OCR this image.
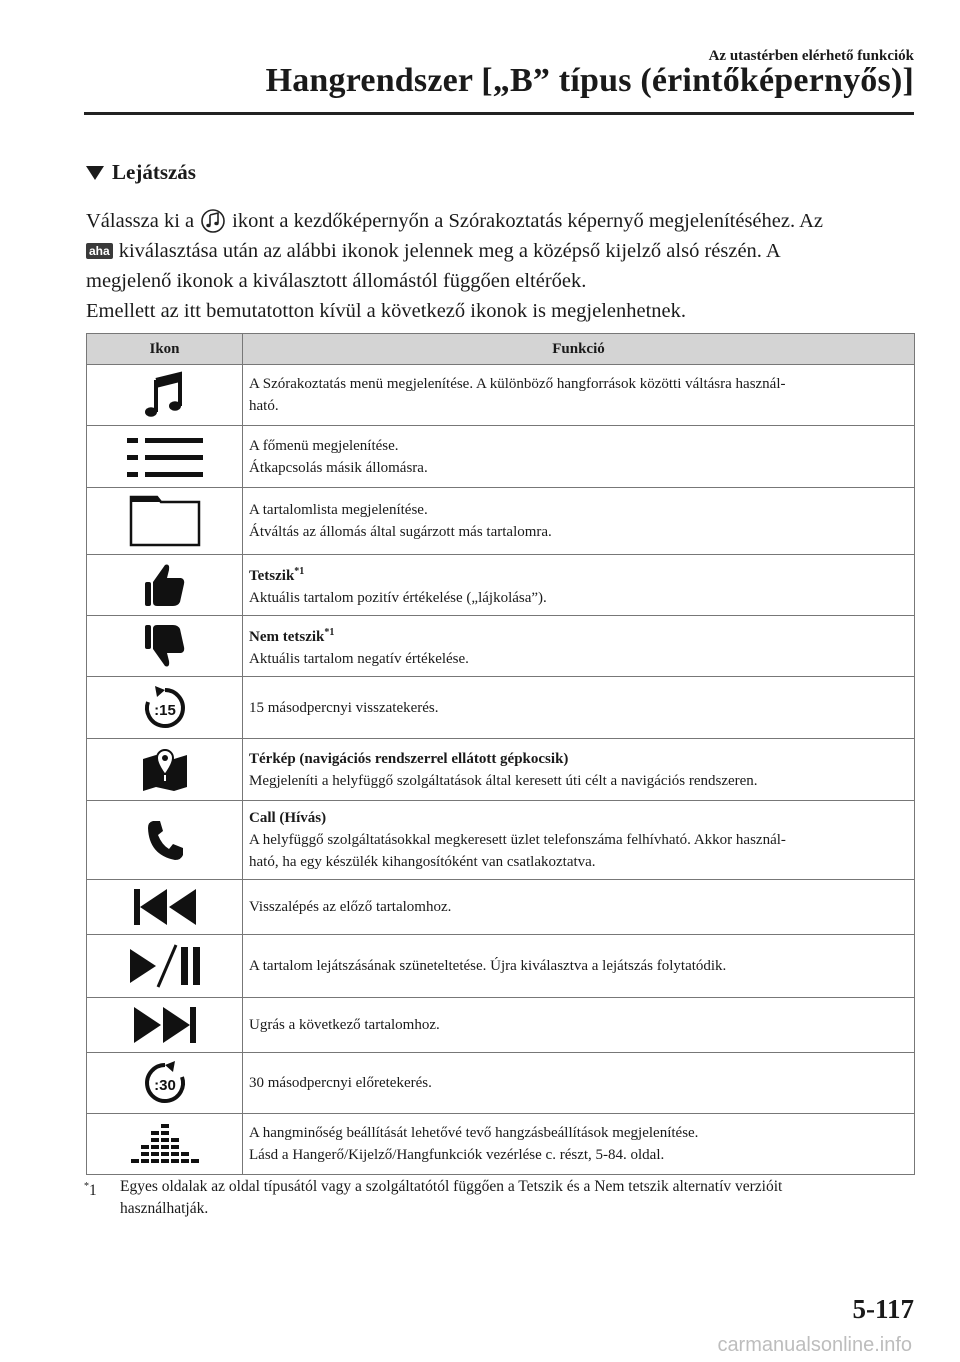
Az utastérben elérhető funkciók
Hangrendszer [„B” típus (érintőképernyős)]
Lejátszás
Válassza ki a ikont a kezdőképernyőn a Szórakoztatás képernyő megjelenítéséhez. Az
aha kiválasztása után az alábbi ikonok jelennek meg a középső kijelző alsó részén. A
megjelenő ikonok a kiválasztott állomástól függően eltérőek.
Emellett az itt bemutatotton kívül a következő ikonok is megjelenhetnek.
Ikon	Funkció

A Szórakoztatás menü megjelenítése. A különböző hangforrások közötti váltásra használ-
ható.

A főmenü megjelenítése.
Átkapcsolás másik állomásra.

A tartalomlista megjelenítése.
Átváltás az állomás által sugárzott más tartalomra.

Tetszik$^{*1}$
Aktuális tartalom pozitív értékelése („lájkolása”).

Nem tetszik$^{*1}$
Aktuális tartalom negatív értékelése.

:15	15 másodpercnyi visszatekerés.

Térkép (navigációs rendszerrel ellátott gépkocsik)
Megjeleníti a helyfüggő szolgáltatások által keresett úti célt a navigációs rendszeren.

Call (Hívás)
A helyfüggő szolgáltatásokkal megkeresett üzlet telefonszáma felhívható. Akkor használ-
ható, ha egy készülék kihangosítóként van csatlakoztatva.

Visszalépés az előző tartalomhoz.

A tartalom lejátszásának szüneteltetése. Újra kiválasztva a lejátszás folytatódik.

Ugrás a következő tartalomhoz.

:30	30 másodpercnyi előretekerés.

A hangminőség beállítását lehetővé tevő hangzásbeállítások megjelenítése.
Lásd a Hangerő/Kijelző/Hangfunkciók vezérlése c. részt, 5-84. oldal.
*1	Egyes oldalak az oldal típusától vagy a szolgáltatótól függően a Tetszik és a Nem tetszik alternatív verzióit
használhatják.
5-117
carmanualsonline.info
